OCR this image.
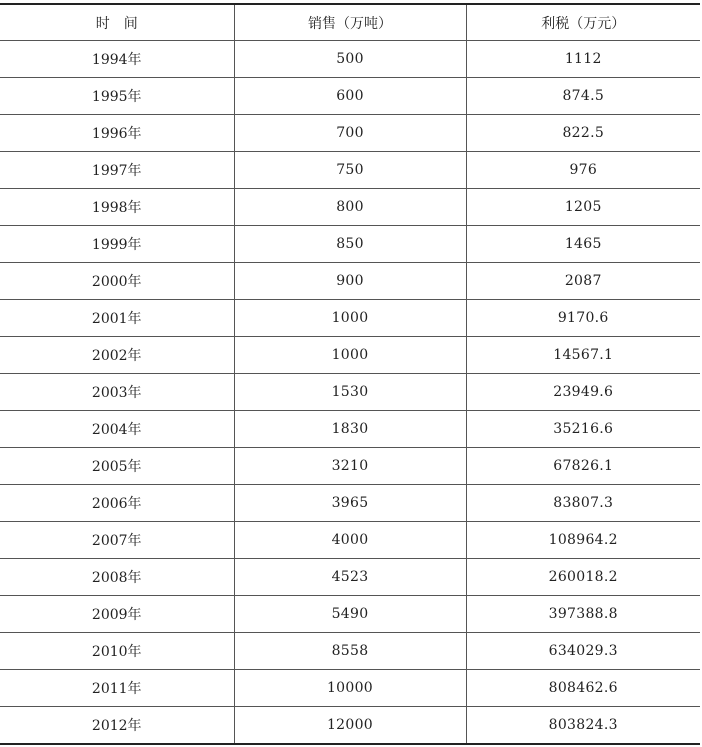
时　间	销售（万吨）	利税（万元）
1994年	500	1112
1995年	600	874.5
1996年	700	822.5
1997年	750	976
1998年	800	1205
1999年	850	1465
2000年	900	2087
2001年	1000	9170.6
2002年	1000	14567.1
2003年	1530	23949.6
2004年	1830	35216.6
2005年	3210	67826.1
2006年	3965	83807.3
2007年	4000	108964.2
2008年	4523	260018.2
2009年	5490	397388.8
2010年	8558	634029.3
2011年	10000	808462.6
2012年	12000	803824.3
